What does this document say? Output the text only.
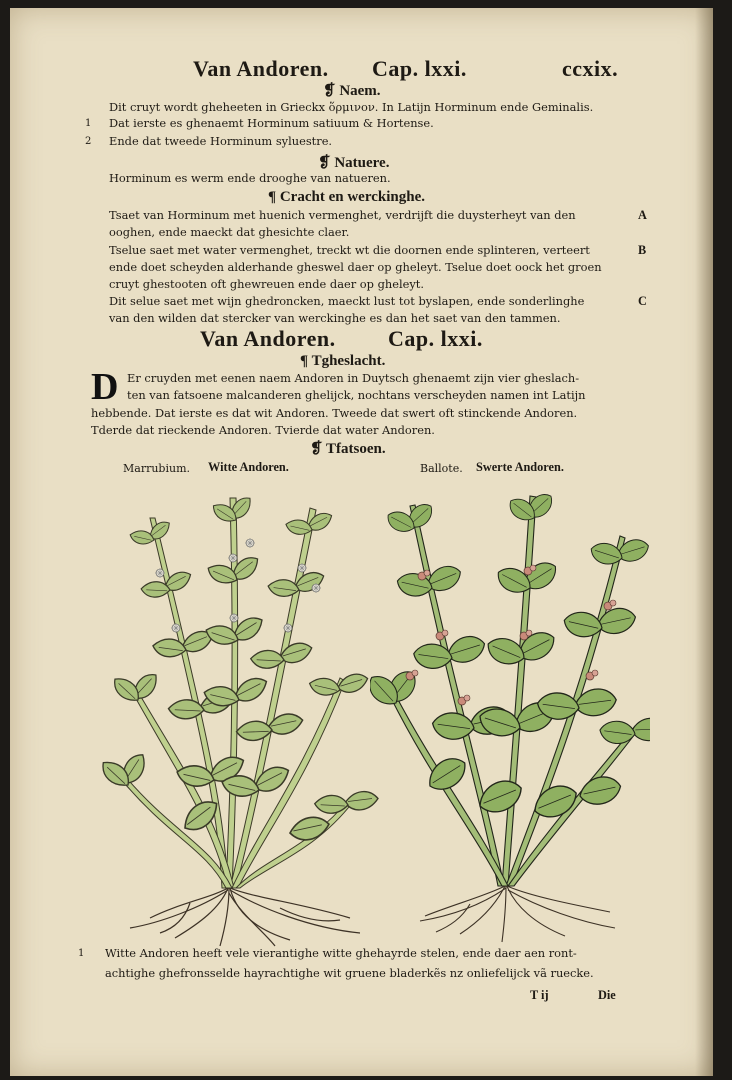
Van Andoren. Cap. lxxi.	ccxix.
❡ Naem.
Dit cruyt wordt gheheeten in Grieckx ὅρμινον. In Latijn Horminum ende Geminalis.
1 Dat ierste es ghenaemt Horminum satiuum & Hortense.
2 Ende dat tweede Horminum syluestre.
❡ Natuere.
Horminum es werm ende drooghe van natueren.
¶ Cracht en werckinghe.
Tsaet van Horminum met huenich vermenghet, verdrijft die duysterheyt van den
ooghen, ende maeckt dat ghesichte claer.
Tselue saet met water vermenghet, treckt wt die doornen ende splinteren, verteert
ende doet scheyden alderhande gheswel daer op gheleyt. Tselue doet oock het groen
cruyt ghestooten oft ghewreuen ende daer op gheleyt.
Dit selue saet met wijn ghedroncken, maeckt lust tot byslapen, ende sonderlinghe
van den wilden dat stercker van werckinghe es dan het saet van den tammen.
A
B
C
Van Andoren. Cap. lxxi.
¶ Tgheslacht.
D Er cruyden met eenen naem Andoren in Duytsch ghenaemt zijn vier gheslach-
ten van fatsoene malcanderen ghelijck, nochtans verscheyden namen int Latijn
hebbende. Dat ierste es dat wit Andoren. Tweede dat swert oft stinckende Andoren.
Tderde dat rieckende Andoren. Tvierde dat water Andoren.
❡ Tfatsoen.
Marrubium. Witte Andoren.	Ballote. Swerte Andoren.
1 Witte Andoren heeft vele vierantighe witte ghehayrde stelen, ende daer aen ront-
achtighe ghefronsselde hayrachtighe wit gruene bladerkẽs nz onliefelijck vã ruecke.
T ij	Die
